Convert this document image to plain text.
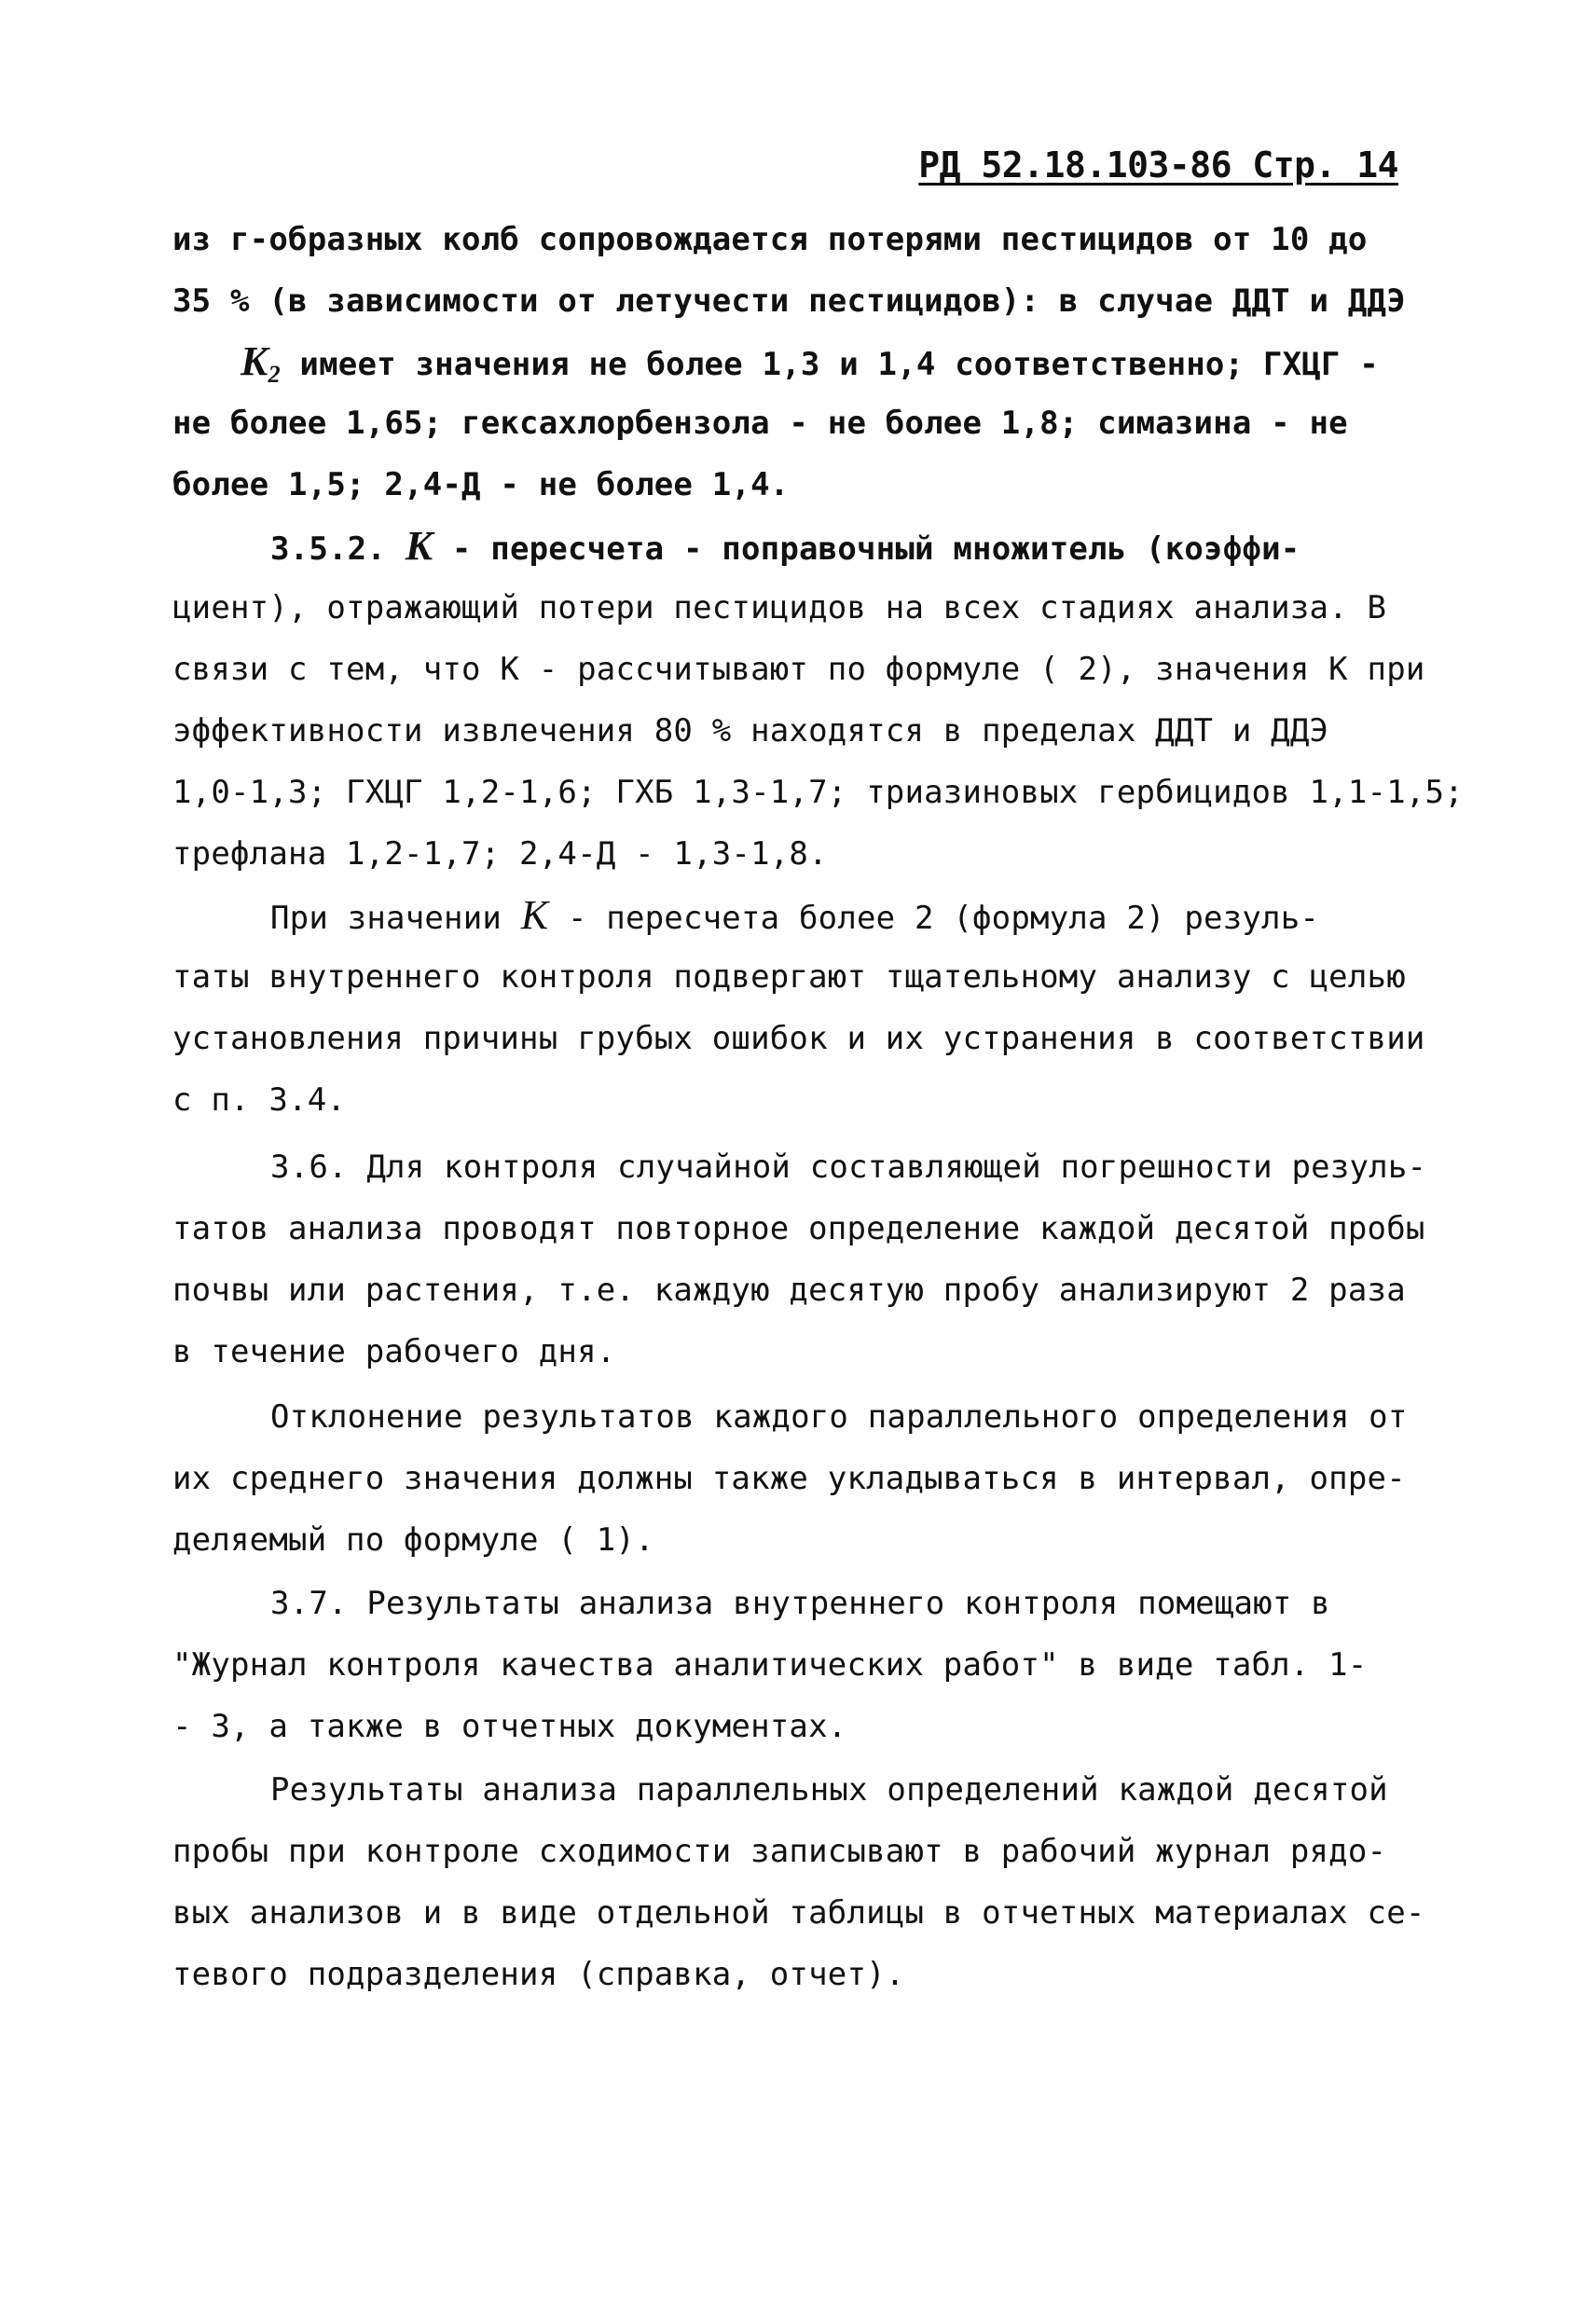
РД 52.18.103-86 Стр. 14
из г-образных колб сопровождается потерями пестицидов от 10 до
35 % (в зависимости от летучести пестицидов): в случае ДДТ и ДДЭ
$K_2$ имеет значения не более 1,3 и 1,4 соответственно; ГХЦГ -
не более 1,65; гексахлорбензола - не более 1,8; симазина - не
более 1,5; 2,4-Д - не более 1,4.
3.5.2. K - пересчета - поправочный множитель (коэффи-
циент), отражающий потери пестицидов на всех стадиях анализа. В
связи с тем, что К - рассчитывают по формуле ( 2), значения К при
эффективности извлечения 80 % находятся в пределах ДДТ и ДДЭ
1,0-1,3; ГХЦГ 1,2-1,6; ГХБ 1,3-1,7; триазиновых гербицидов 1,1-1,5;
трефлана 1,2-1,7; 2,4-Д - 1,3-1,8.
При значении K - пересчета более 2 (формула 2) резуль-
таты внутреннего контроля подвергают тщательному анализу с целью
установления причины грубых ошибок и их устранения в соответствии
с п. 3.4.
3.6. Для контроля случайной составляющей погрешности резуль-
татов анализа проводят повторное определение каждой десятой пробы
почвы или растения, т.е. каждую десятую пробу анализируют 2 раза
в течение рабочего дня.
Отклонение результатов каждого параллельного определения от
их среднего значения должны также укладываться в интервал, опре-
деляемый по формуле ( 1).
3.7. Результаты анализа внутреннего контроля помещают в
"Журнал контроля качества аналитических работ" в виде табл. 1-
- 3, а также в отчетных документах.
Результаты анализа параллельных определений каждой десятой
пробы при контроле сходимости записывают в рабочий журнал рядо-
вых анализов и в виде отдельной таблицы в отчетных материалах се-
тевого подразделения (справка, отчет).
